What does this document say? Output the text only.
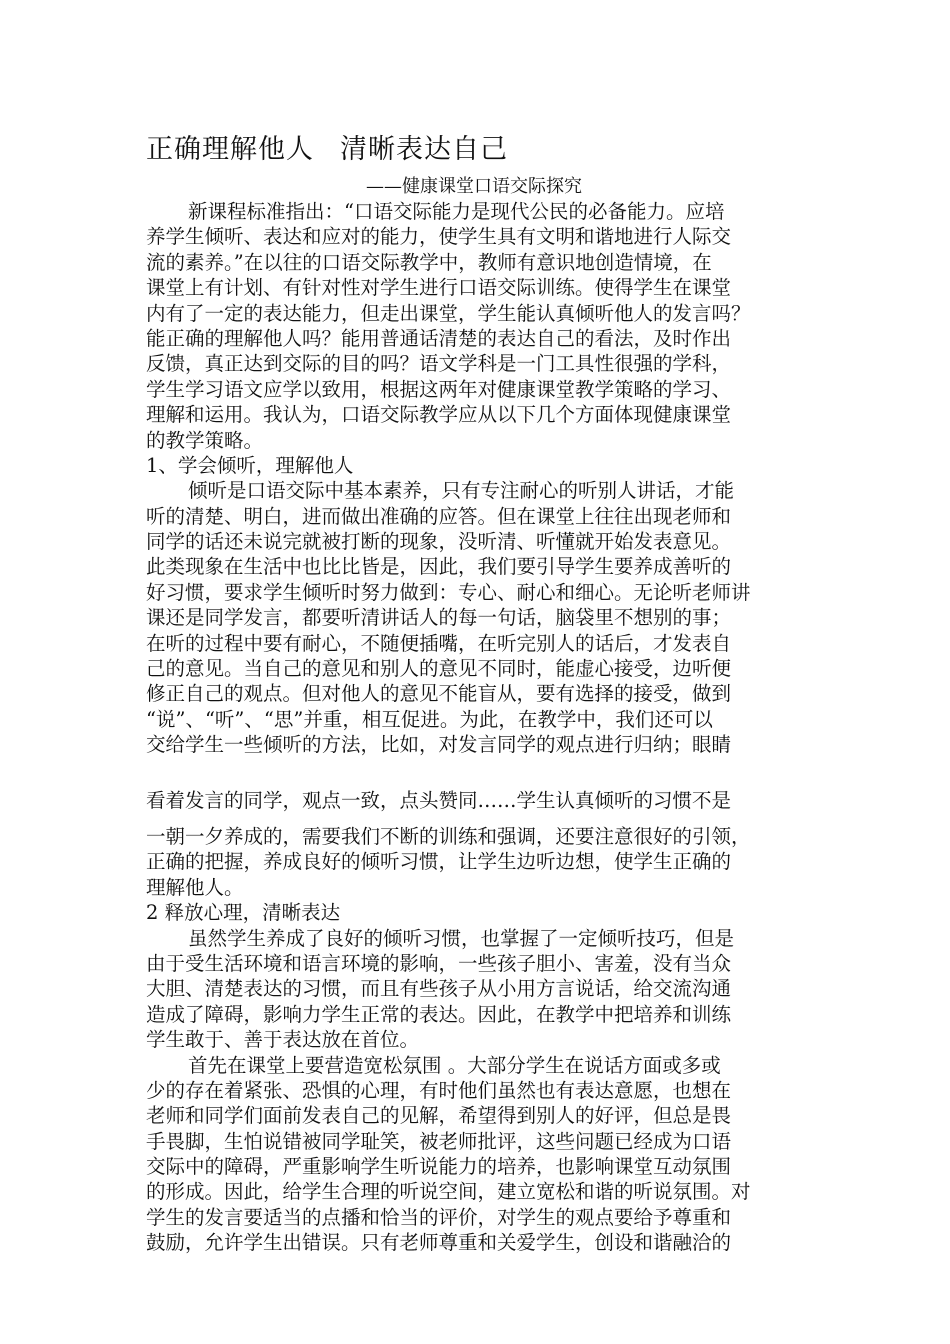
正确理解他人 清晰表达自己
——健康课堂口语交际探究
新课程标准指出：“口语交际能力是现代公民的必备能力。应培
养学生倾听、表达和应对的能力，使学生具有文明和谐地进行人际交
流的素养。”在以往的口语交际教学中，教师有意识地创造情境，在
课堂上有计划、有针对性对学生进行口语交际训练。使得学生在课堂
内有了一定的表达能力，但走出课堂，学生能认真倾听他人的发言吗？
能正确的理解他人吗？能用普通话清楚的表达自己的看法，及时作出
反馈，真正达到交际的目的吗？语文学科是一门工具性很强的学科，
学生学习语文应学以致用，根据这两年对健康课堂教学策略的学习、
理解和运用。我认为，口语交际教学应从以下几个方面体现健康课堂
的教学策略。
1、学会倾听，理解他人
倾听是口语交际中基本素养，只有专注耐心的听别人讲话，才能
听的清楚、明白，进而做出准确的应答。但在课堂上往往出现老师和
同学的话还未说完就被打断的现象，没听清、听懂就开始发表意见。
此类现象在生活中也比比皆是，因此，我们要引导学生要养成善听的
好习惯，要求学生倾听时努力做到：专心、耐心和细心。无论听老师讲
课还是同学发言，都要听清讲话人的每一句话，脑袋里不想别的事；
在听的过程中要有耐心，不随便插嘴，在听完别人的话后，才发表自
己的意见。当自己的意见和别人的意见不同时，能虚心接受，边听便
修正自己的观点。但对他人的意见不能盲从，要有选择的接受，做到
“说”、“听”、“思”并重，相互促进。为此，在教学中，我们还可以
交给学生一些倾听的方法，比如，对发言同学的观点进行归纳；眼睛
看着发言的同学，观点一致，点头赞同……学生认真倾听的习惯不是
一朝一夕养成的，需要我们不断的训练和强调，还要注意很好的引领，
正确的把握，养成良好的倾听习惯，让学生边听边想，使学生正确的
理解他人。
2 释放心理，清晰表达
虽然学生养成了良好的倾听习惯，也掌握了一定倾听技巧，但是
由于受生活环境和语言环境的影响，一些孩子胆小、害羞，没有当众
大胆、清楚表达的习惯，而且有些孩子从小用方言说话，给交流沟通
造成了障碍，影响力学生正常的表达。因此，在教学中把培养和训练
学生敢于、善于表达放在首位。
首先在课堂上要营造宽松氛围 。大部分学生在说话方面或多或
少的存在着紧张、恐惧的心理，有时他们虽然也有表达意愿，也想在
老师和同学们面前发表自己的见解，希望得到别人的好评，但总是畏
手畏脚，生怕说错被同学耻笑，被老师批评，这些问题已经成为口语
交际中的障碍，严重影响学生听说能力的培养，也影响课堂互动氛围
的形成。因此，给学生合理的听说空间，建立宽松和谐的听说氛围。对
学生的发言要适当的点播和恰当的评价，对学生的观点要给予尊重和
鼓励，允许学生出错误。只有老师尊重和关爱学生，创设和谐融洽的
